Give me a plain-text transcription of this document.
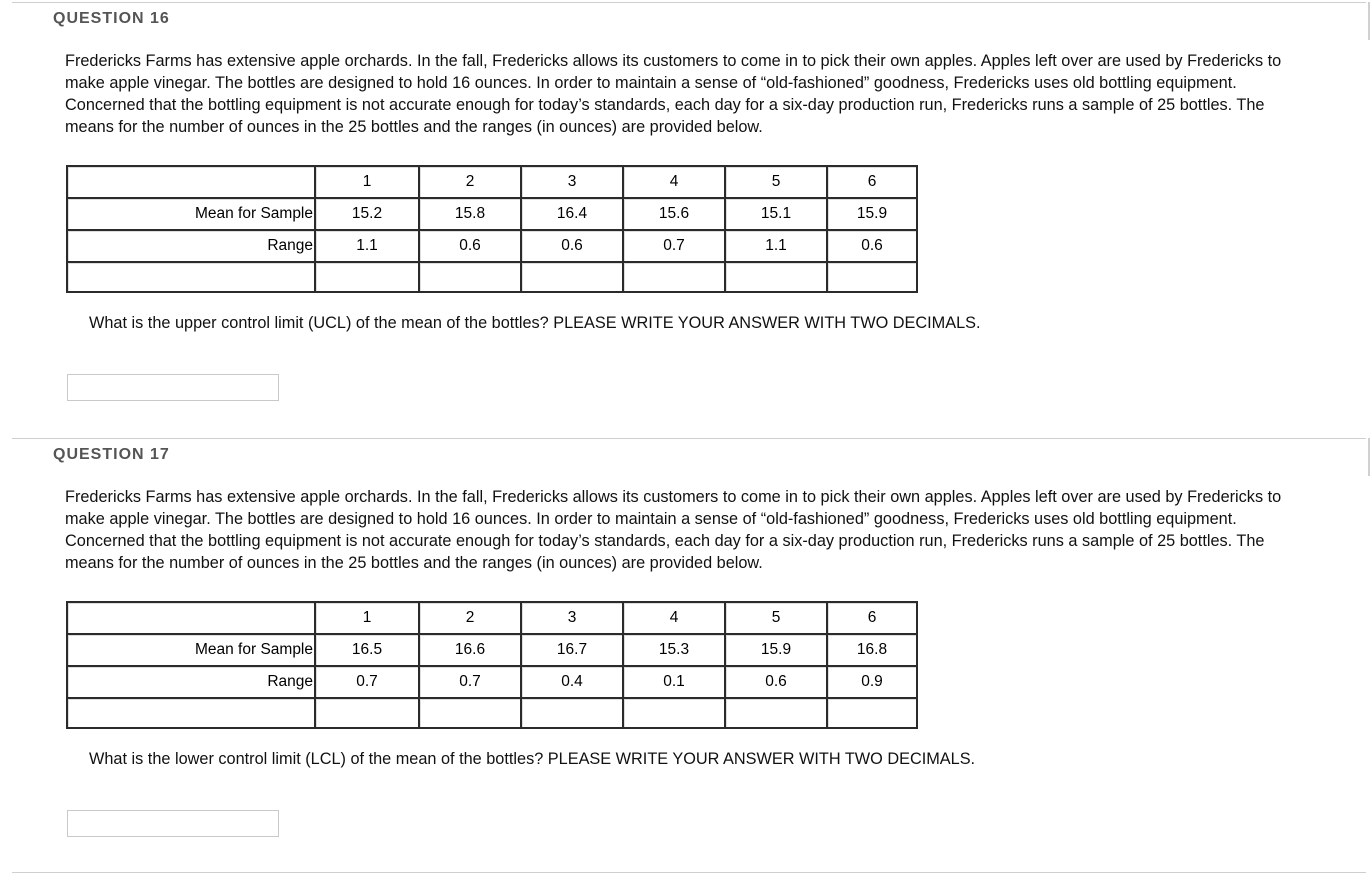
QUESTION 16
Fredericks Farms has extensive apple orchards. In the fall, Fredericks allows its customers to come in to pick their own apples. Apples left over are used by Fredericks to make apple vinegar. The bottles are designed to hold 16 ounces. In order to maintain a sense of “old-fashioned” goodness, Fredericks uses old bottling equipment. Concerned that the bottling equipment is not accurate enough for today’s standards, each day for a six-day production run, Fredericks runs a sample of 25 bottles. The means for the number of ounces in the 25 bottles and the ranges (in ounces) are provided below.
	1	2	3	4	5	6
Mean for Sample	15.2	15.8	16.4	15.6	15.1	15.9
Range	1.1	0.6	0.6	0.7	1.1	0.6

What is the upper control limit (UCL) of the mean of the bottles? PLEASE WRITE YOUR ANSWER WITH TWO DECIMALS.
QUESTION 17
Fredericks Farms has extensive apple orchards. In the fall, Fredericks allows its customers to come in to pick their own apples. Apples left over are used by Fredericks to make apple vinegar. The bottles are designed to hold 16 ounces. In order to maintain a sense of “old-fashioned” goodness, Fredericks uses old bottling equipment. Concerned that the bottling equipment is not accurate enough for today’s standards, each day for a six-day production run, Fredericks runs a sample of 25 bottles. The means for the number of ounces in the 25 bottles and the ranges (in ounces) are provided below.
	1	2	3	4	5	6
Mean for Sample	16.5	16.6	16.7	15.3	15.9	16.8
Range	0.7	0.7	0.4	0.1	0.6	0.9

What is the lower control limit (LCL) of the mean of the bottles? PLEASE WRITE YOUR ANSWER WITH TWO DECIMALS.
